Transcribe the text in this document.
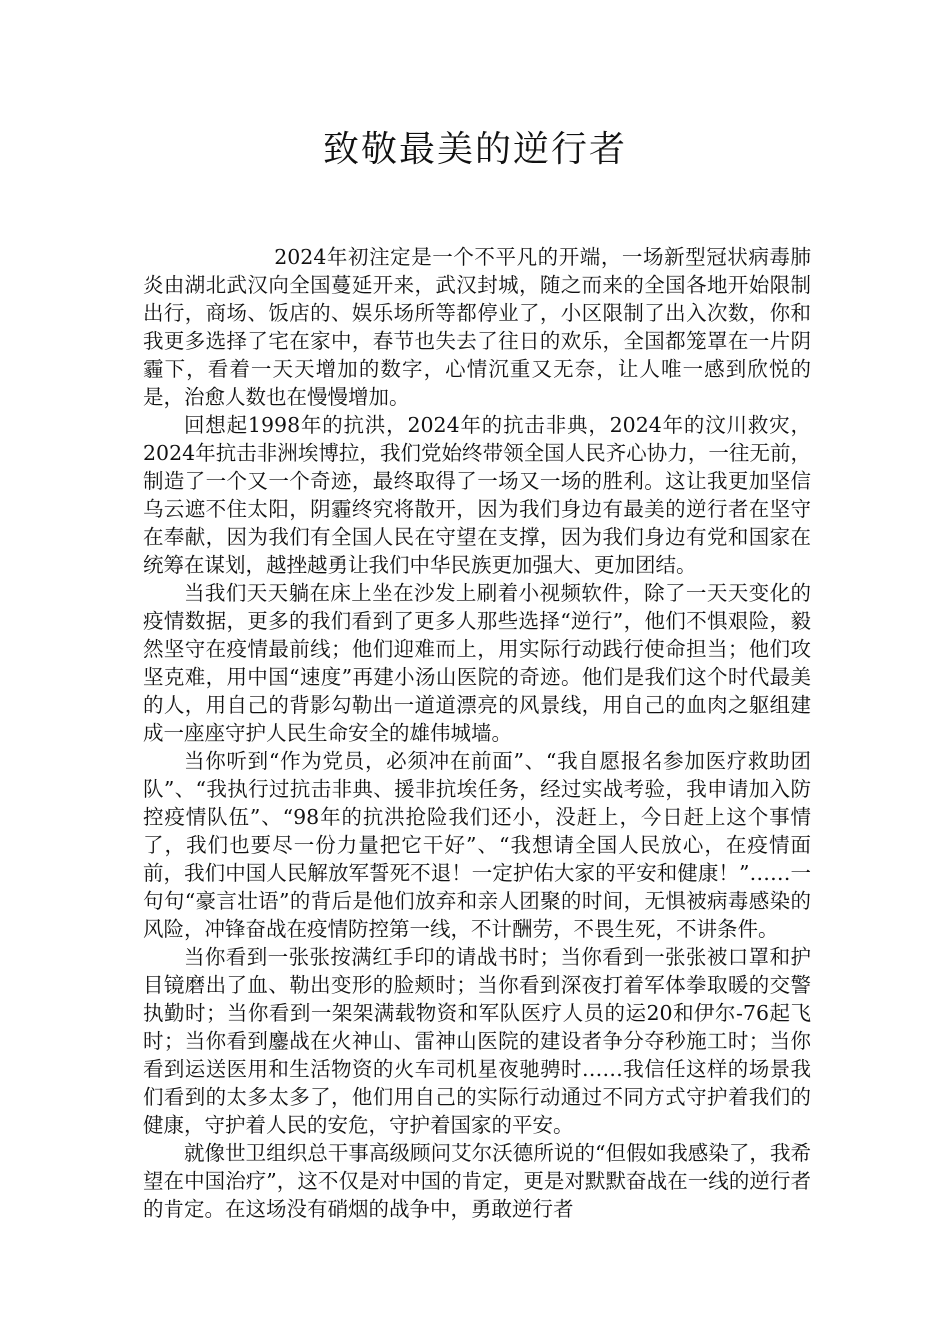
致敬最美的逆行者

2024年初注定是一个不平凡的开端，一场新型冠状病毒肺炎由湖北武汉向全国蔓延开来，武汉封城，随之而来的全国各地开始限制出行，商场、饭店的、娱乐场所等都停业了，小区限制了出入次数，你和我更多选择了宅在家中，春节也失去了往日的欢乐，全国都笼罩在一片阴霾下，看着一天天增加的数字，心情沉重又无奈，让人唯一感到欣悦的是，治愈人数也在慢慢增加。

回想起1998年的抗洪，2024年的抗击非典，2024年的汶川救灾，2024年抗击非洲埃博拉，我们党始终带领全国人民齐心协力，一往无前，制造了一个又一个奇迹，最终取得了一场又一场的胜利。这让我更加坚信乌云遮不住太阳，阴霾终究将散开，因为我们身边有最美的逆行者在坚守在奉献，因为我们有全国人民在守望在支撑，因为我们身边有党和国家在统筹在谋划，越挫越勇让我们中华民族更加强大、更加团结。

当我们天天躺在床上坐在沙发上刷着小视频软件，除了一天天变化的疫情数据，更多的我们看到了更多人那些选择“逆行”，他们不惧艰险，毅然坚守在疫情最前线；他们迎难而上，用实际行动践行使命担当；他们攻坚克难，用中国“速度”再建小汤山医院的奇迹。他们是我们这个时代最美的人，用自己的背影勾勒出一道道漂亮的风景线，用自己的血肉之躯组建成一座座守护人民生命安全的雄伟城墙。

当你听到“作为党员，必须冲在前面”、“我自愿报名参加医疗救助团队”、“我执行过抗击非典、援非抗埃任务，经过实战考验，我申请加入防控疫情队伍”、“98年的抗洪抢险我们还小，没赶上，今日赶上这个事情了，我们也要尽一份力量把它干好”、“我想请全国人民放心，在疫情面前，我们中国人民解放军誓死不退！一定护佑大家的平安和健康！”……一句句“豪言壮语”的背后是他们放弃和亲人团聚的时间，无惧被病毒感染的风险，冲锋奋战在疫情防控第一线，不计酬劳，不畏生死，不讲条件。

当你看到一张张按满红手印的请战书时；当你看到一张张被口罩和护目镜磨出了血、勒出变形的脸颊时；当你看到深夜打着军体拳取暖的交警执勤时；当你看到一架架满载物资和军队医疗人员的运20和伊尔-76起飞时；当你看到鏖战在火神山、雷神山医院的建设者争分夺秒施工时；当你看到运送医用和生活物资的火车司机星夜驰骋时……我信任这样的场景我们看到的太多太多了，他们用自己的实际行动通过不同方式守护着我们的健康，守护着人民的安危，守护着国家的平安。

就像世卫组织总干事高级顾问艾尔沃德所说的“但假如我感染了，我希望在中国治疗”，这不仅是对中国的肯定，更是对默默奋战在一线的逆行者的肯定。在这场没有硝烟的战争中，勇敢逆行者
